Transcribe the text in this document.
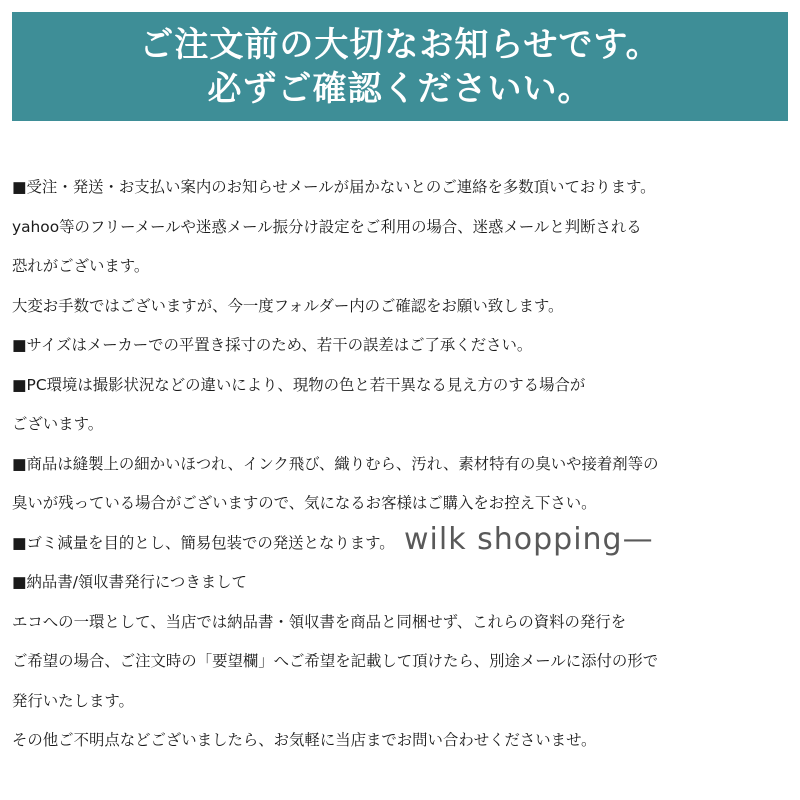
ご注文前の大切なお知らせです。
必ずご確認くださいい。
■受注・発送・お支払い案内のお知らせメールが届かないとのご連絡を多数頂いております。
yahoo等のフリーメールや迷惑メール振分け設定をご利用の場合、迷惑メールと判断される
恐れがございます。
大変お手数ではございますが、今一度フォルダー内のご確認をお願い致します。
■サイズはメーカーでの平置き採寸のため、若干の誤差はご了承ください。
■PC環境は撮影状況などの違いにより、現物の色と若干異なる見え方のする場合が
ございます。
■商品は縫製上の細かいほつれ、インク飛び、織りむら、汚れ、素材特有の臭いや接着剤等の
臭いが残っている場合がございますので、気になるお客様はご購入をお控え下さい。
■ゴミ減量を目的とし、簡易包装での発送となります。
■納品書/領収書発行につきまして
エコへの一環として、当店では納品書・領収書を商品と同梱せず、これらの資料の発行を
ご希望の場合、ご注文時の「要望欄」へご希望を記載して頂けたら、別途メールに添付の形で
発行いたします。
その他ご不明点などございましたら、お気軽に当店までお問い合わせくださいませ。
wilk shopping—
